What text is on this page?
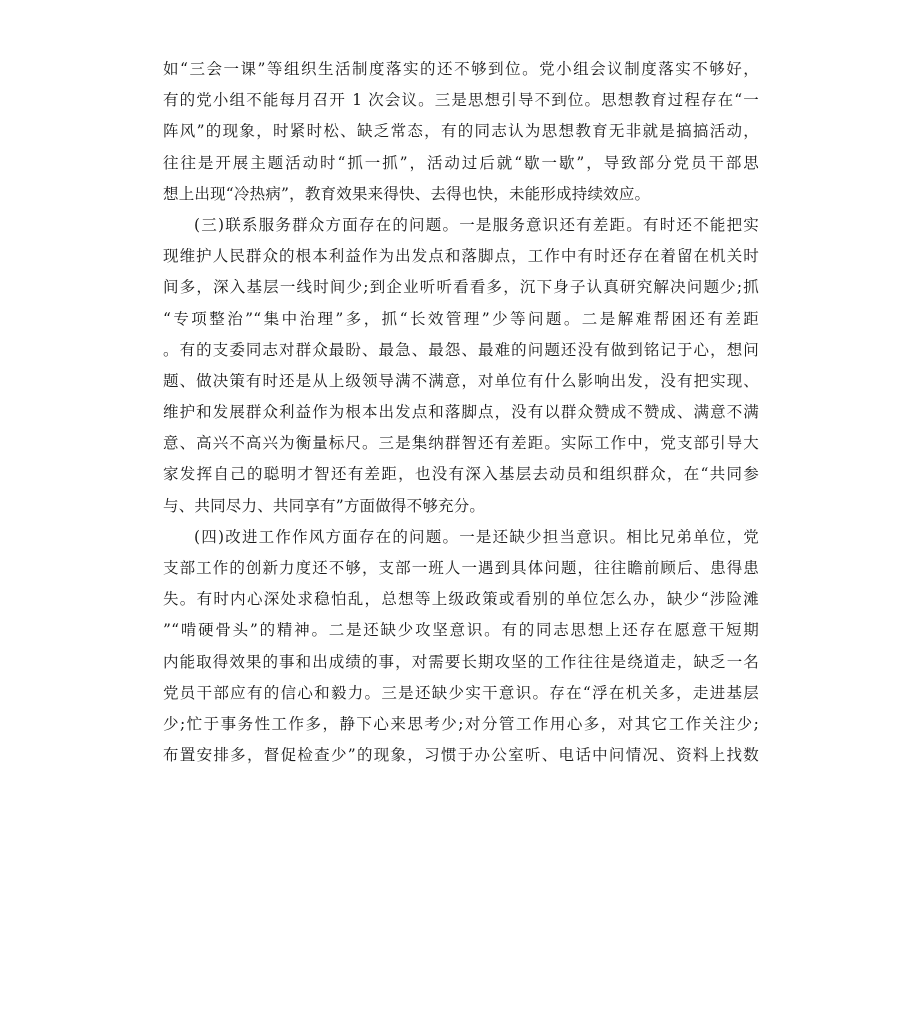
如“三会一课”等组织生活制度落实的还不够到位。党小组会议制度落实不够好，
有的党小组不能每月召开 1 次会议。三是思想引导不到位。思想教育过程存在“一
阵风”的现象，时紧时松、缺乏常态，有的同志认为思想教育无非就是搞搞活动，
往往是开展主题活动时“抓一抓”，活动过后就“歇一歇”，导致部分党员干部思
想上出现“冷热病”，教育效果来得快、去得也快，未能形成持续效应。
(三)联系服务群众方面存在的问题。一是服务意识还有差距。有时还不能把实
现维护人民群众的根本利益作为出发点和落脚点，工作中有时还存在着留在机关时
间多，深入基层一线时间少;到企业听听看看多，沉下身子认真研究解决问题少;抓
“专项整治”“集中治理”多，抓“长效管理”少等问题。二是解难帮困还有差距
。有的支委同志对群众最盼、最急、最怨、最难的问题还没有做到铭记于心，想问
题、做决策有时还是从上级领导满不满意，对单位有什么影响出发，没有把实现、
维护和发展群众利益作为根本出发点和落脚点，没有以群众赞成不赞成、满意不满
意、高兴不高兴为衡量标尺。三是集纳群智还有差距。实际工作中，党支部引导大
家发挥自己的聪明才智还有差距，也没有深入基层去动员和组织群众，在“共同参
与、共同尽力、共同享有”方面做得不够充分。
(四)改进工作作风方面存在的问题。一是还缺少担当意识。相比兄弟单位，党
支部工作的创新力度还不够，支部一班人一遇到具体问题，往往瞻前顾后、患得患
失。有时内心深处求稳怕乱，总想等上级政策或看别的单位怎么办，缺少“涉险滩
”“啃硬骨头”的精神。二是还缺少攻坚意识。有的同志思想上还存在愿意干短期
内能取得效果的事和出成绩的事，对需要长期攻坚的工作往往是绕道走，缺乏一名
党员干部应有的信心和毅力。三是还缺少实干意识。存在“浮在机关多，走进基层
少;忙于事务性工作多，静下心来思考少;对分管工作用心多，对其它工作关注少;
布置安排多，督促检查少”的现象，习惯于办公室听、电话中问情况、资料上找数
